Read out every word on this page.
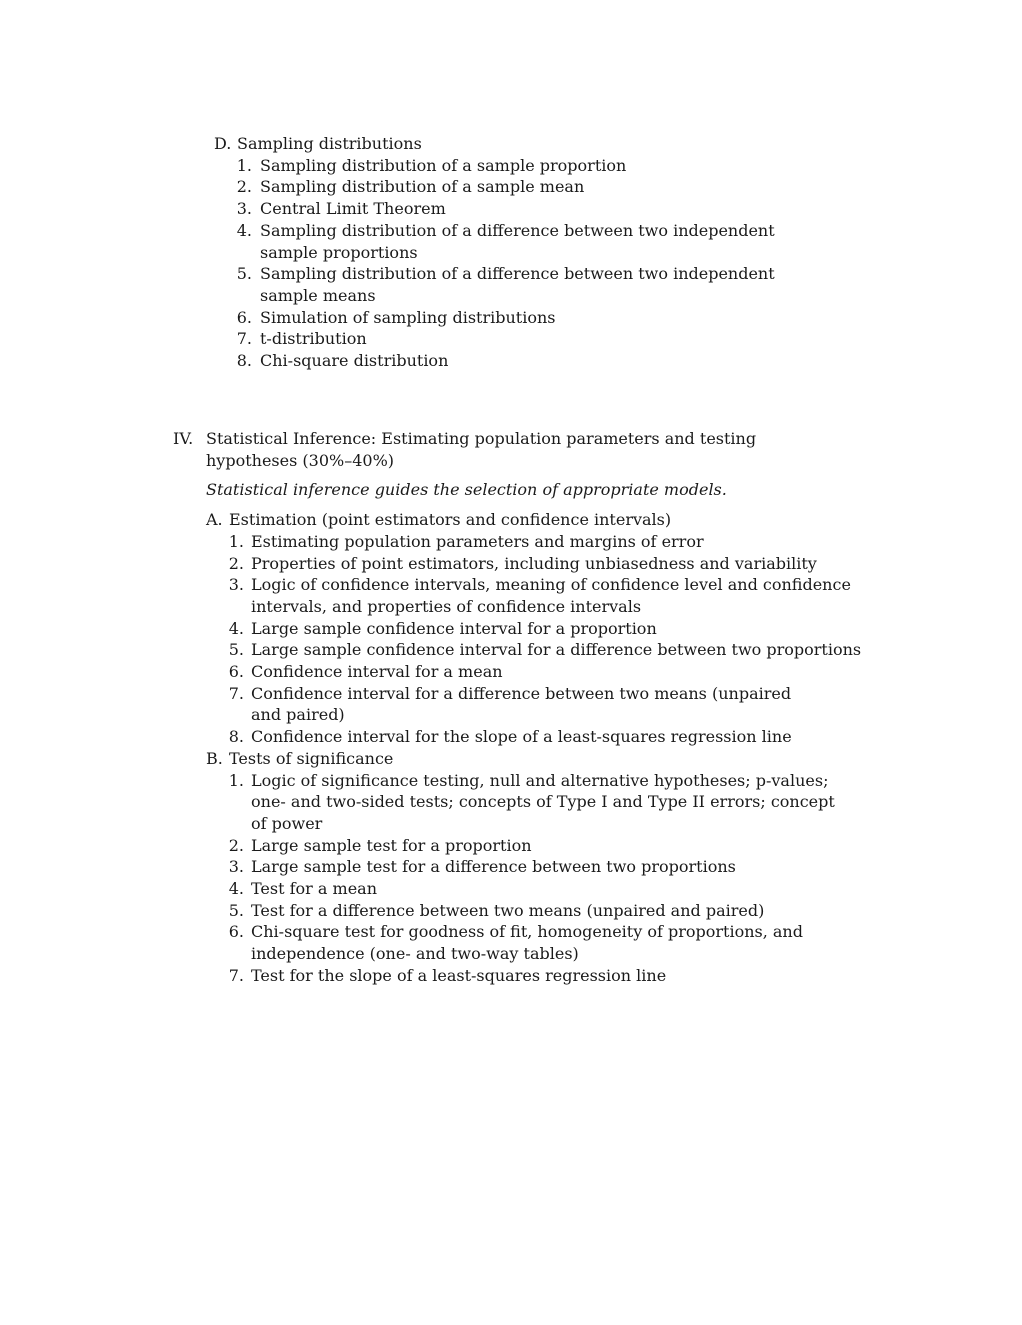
D. Sampling distributions
1. Sampling distribution of a sample proportion
2. Sampling distribution of a sample mean
3. Central Limit Theorem
4. Sampling distribution of a difference between two independent
sample proportions
5. Sampling distribution of a difference between two independent
sample means
6. Simulation of sampling distributions
7. t-distribution
8. Chi-square distribution
IV. Statistical Inference: Estimating population parameters and testing
hypotheses (30%–40%)
Statistical inference guides the selection of appropriate models.
A. Estimation (point estimators and confidence intervals)
1. Estimating population parameters and margins of error
2. Properties of point estimators, including unbiasedness and variability
3. Logic of confidence intervals, meaning of confidence level and confidence
intervals, and properties of confidence intervals
4. Large sample confidence interval for a proportion
5. Large sample confidence interval for a difference between two proportions
6. Confidence interval for a mean
7. Confidence interval for a difference between two means (unpaired
and paired)
8. Confidence interval for the slope of a least-squares regression line
B. Tests of significance
1. Logic of significance testing, null and alternative hypotheses; p-values;
one- and two-sided tests; concepts of Type I and Type II errors; concept
of power
2. Large sample test for a proportion
3. Large sample test for a difference between two proportions
4. Test for a mean
5. Test for a difference between two means (unpaired and paired)
6. Chi-square test for goodness of fit, homogeneity of proportions, and
independence (one- and two-way tables)
7. Test for the slope of a least-squares regression line
